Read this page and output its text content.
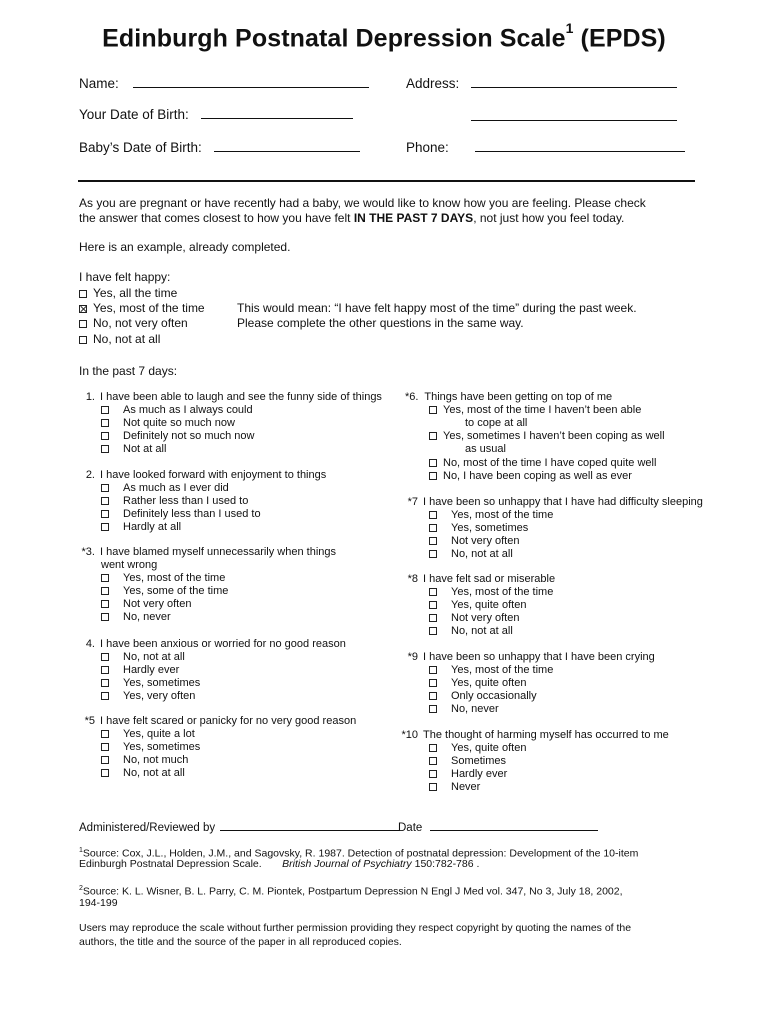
Edinburgh Postnatal Depression Scale$^1$ (EPDS)
Name:	Address:
Your Date of Birth:
Baby’s Date of Birth:	Phone:
As you are pregnant or have recently had a baby, we would like to know how you are feeling. Please check
the answer that comes closest to how you have felt IN THE PAST 7 DAYS, not just how you feel today.
Here is an example, already completed.
I have felt happy:
Yes, all the time
Yes, most of the time
No, not very often
No, not at all
This would mean: “I have felt happy most of the time” during the past week.
Please complete the other questions in the same way.
In the past 7 days:
1. I have been able to laugh and see the funny side of things
As much as I always could
Not quite so much now
Definitely not so much now
Not at all
2. I have looked forward with enjoyment to things
As much as I ever did
Rather less than I used to
Definitely less than I used to
Hardly at all
*3. I have blamed myself unnecessarily when things
went wrong
Yes, most of the time
Yes, some of the time
Not very often
No, never
4. I have been anxious or worried for no good reason
No, not at all
Hardly ever
Yes, sometimes
Yes, very often
*5 I have felt scared or panicky for no very good reason
Yes, quite a lot
Yes, sometimes
No, not much
No, not at all
*7 I have been so unhappy that I have had difficulty sleeping
Yes, most of the time
Yes, sometimes
Not very often
No, not at all
*8 I have felt sad or miserable
Yes, most of the time
Yes, quite often
Not very often
No, not at all
*9 I have been so unhappy that I have been crying
Yes, most of the time
Yes, quite often
Only occasionally
No, never
*10 The thought of harming myself has occurred to me
Yes, quite often
Sometimes
Hardly ever
Never
*6. Things have been getting on top of me
Yes, most of the time I haven’t been able
to cope at all
Yes, sometimes I haven’t been coping as well
as usual
No, most of the time I have coped quite well
No, I have been coping as well as ever
Administered/Reviewed by	Date
$^1$Source: Cox, J.L., Holden, J.M., and Sagovsky, R. 1987. Detection of postnatal depression: Development of the 10-item
Edinburgh Postnatal Depression Scale. British Journal of Psychiatry 150:782-786 .
$^2$Source: K. L. Wisner, B. L. Parry, C. M. Piontek, Postpartum Depression N Engl J Med vol. 347, No 3, July 18, 2002,
194-199
Users may reproduce the scale without further permission providing they respect copyright by quoting the names of the
authors, the title and the source of the paper in all reproduced copies.
